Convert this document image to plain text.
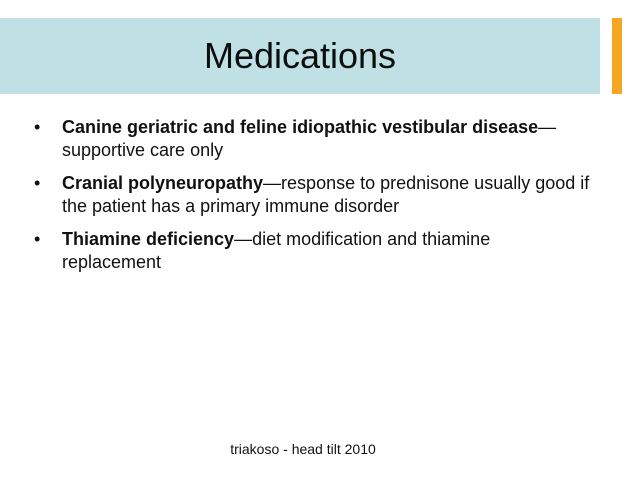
Medications
• Canine geriatric and feline idiopathic vestibular disease—supportive care only
• Cranial polyneuropathy—response to prednisone usually good if the patient has a primary immune disorder
• Thiamine deficiency—diet modification and thiamine replacement
triakoso - head tilt 2010
